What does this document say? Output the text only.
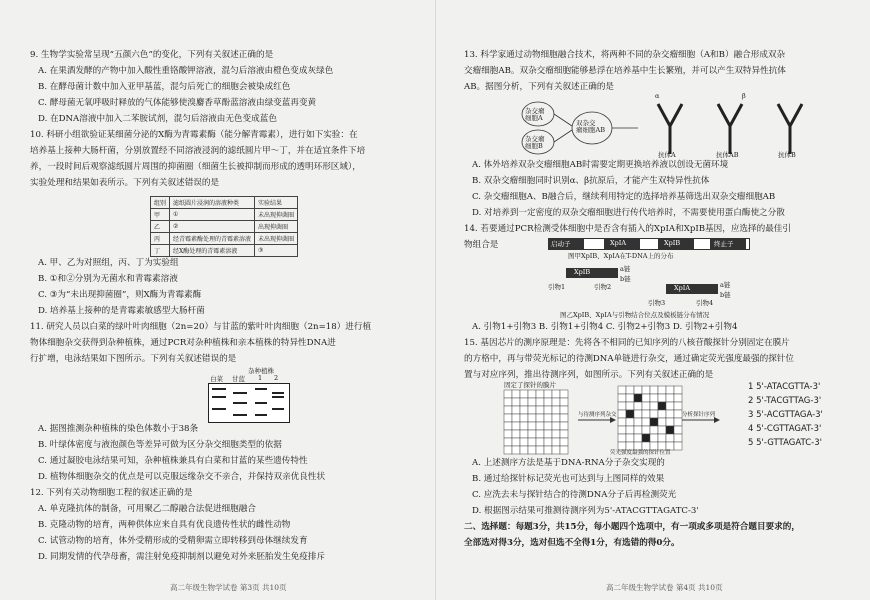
9. 生物学实验常呈现“五颜六色”的变化，下列有关叙述正确的是
A. 在果酒发酵的产物中加入酸性重铬酸钾溶液，混匀后溶液由橙色变成灰绿色
B. 在酵母菌计数中加入亚甲基蓝，混匀后死亡的细胞会被染成红色
C. 酵母菌无氧呼吸时释放的气体能够使溴麝香草酚蓝溶液由绿变蓝再变黄
D. 在DNA溶液中加入二苯胺试剂，混匀后溶液由无色变成蓝色
10. 科研小组欲验证某细菌分泌的X酶为青霉素酶（能分解青霉素），进行如下实验：在
培养基上接种大肠杆菌，分别放置经不同溶液浸润的滤纸圆片甲～丁，并在适宜条件下培
养，一段时间后观察滤纸圆片周围的抑菌圈（细菌生长被抑制而形成的透明环形区域），
实验处理和结果如表所示。下列有关叙述错误的是
A. 甲、乙为对照组，丙、丁为实验组
B. ①和②分别为无菌水和青霉素溶液
C. ③为“未出现抑菌圈”，则X酶为青霉素酶
D. 培养基上接种的是青霉素敏感型大肠杆菌
11. 研究人员以白菜的绿叶叶肉细胞（2n=20）与甘蓝的紫叶叶肉细胞（2n=18）进行植
物体细胞杂交获得到杂种植株，通过PCR对杂种植株和亲本植株的特异性DNA进
行扩增，电泳结果如下图所示。下列有关叙述错误的是
A. 据图推测杂种植株的染色体数小于38条
B. 叶绿体密度与液泡颜色等差异可做为区分杂交细胞类型的依据
C. 通过凝胶电泳结果可知，杂种植株兼具有白菜和甘蓝的某些遗传特性
D. 植物体细胞杂交的优点是可以克服远缘杂交不亲合，并保持双亲优良性状
12. 下列有关动物细胞工程的叙述正确的是
A. 单克隆抗体的制备，可用聚乙二醇融合法促进细胞融合
B. 克隆动物的培育，两种供体应来自具有优良遗传性状的雌性动物
C. 试管动物的培育，体外受精形成的受精卵需立即转移到母体继续发育
D. 同期发情的代孕母畜，需注射免疫抑制剂以避免对外来胚胎发生免疫排斥
组别	滤纸圆片浸润的溶液种类	实验结果
甲	①	未出现抑菌圈
乙	②	出现抑菌圈
丙	经青霉素酶处理的青霉素溶液	未出现抑菌圈
丁	经X酶处理的青霉素溶液	③
杂种植株
白菜 甘蓝 1 2
高二年级生物学试卷 第3页 共10页
13. 科学家通过动物细胞融合技术，将两种不同的杂交瘤细胞（A和B）融合形成双杂
交瘤细胞AB。双杂交瘤细胞能够悬浮在培养基中生长繁殖，并可以产生双特异性抗体
AB。据图分析，下列有关叙述正确的是
A. 体外培养双杂交瘤细胞AB时需要定期更换培养液以创设无菌环境
B. 双杂交瘤细胞同时识别α、β抗原后，才能产生双特异性抗体
C. 杂交瘤细胞A、B融合后，继续利用特定的选择培养基筛选出双杂交瘤细胞AB
D. 对培养到一定密度的双杂交瘤细胞进行传代培养时，不需要使用蛋白酶使之分散
14. 若要通过PCR检测受体细胞中是否含有插入的XpIA和XpIB基因，应选择的最佳引
物组合是
A. 引物1+引物3 B. 引物1+引物4 C. 引物2+引物3 D. 引物2+引物4
15. 基因芯片的测序原理是：先将各不相同的已知序列的八核苷酸探针分别固定在膜片
的方格中，再与带荧光标记的待测DNA单链进行杂交，通过确定荧光强度最强的探针位
置与对应序列，推出待测序列，如图所示。下列有关叙述正确的是
A. 上述测序方法是基于DNA-RNA分子杂交实现的
B. 通过给探针标记荧光也可达到与上图同样的效果
C. 应洗去未与探针结合的待测DNA分子后再检测荧光
D. 根据图示结果可推测待测序列为5'-ATACGTTAGATC-3'
杂交瘤
细胞A
杂交瘤
细胞B
双杂交
瘤细胞AB
α	β
抗体A	抗体AB	抗体B
启动子	XpIA	XpIB	终止子
图甲XpIB、XpIA在T-DNA上的分布
XpIB	a链
b链
引物1	引物2	XpIA	a链
b链
引物3	引物4
图乙XpIB、XpIA与引物结合位点及模板链分布情况
固定了探针的膜片
与待测序列杂交	分析探针序列
荧光强度最强的探针位置
1 5'-ATACGTTA-3'
2 5'-TACGTTAG-3'
3 5'-ACGTTAGA-3'
4 5'-CGTTAGAT-3'
5 5'-GTTAGATC-3'
二、选择题：每题3分，共15分，每小题四个选项中，有一项或多项是符合题目要求的，
全部选对得3分，选对但选不全得1分，有选错的得0分。
高二年级生物学试卷 第4页 共10页
